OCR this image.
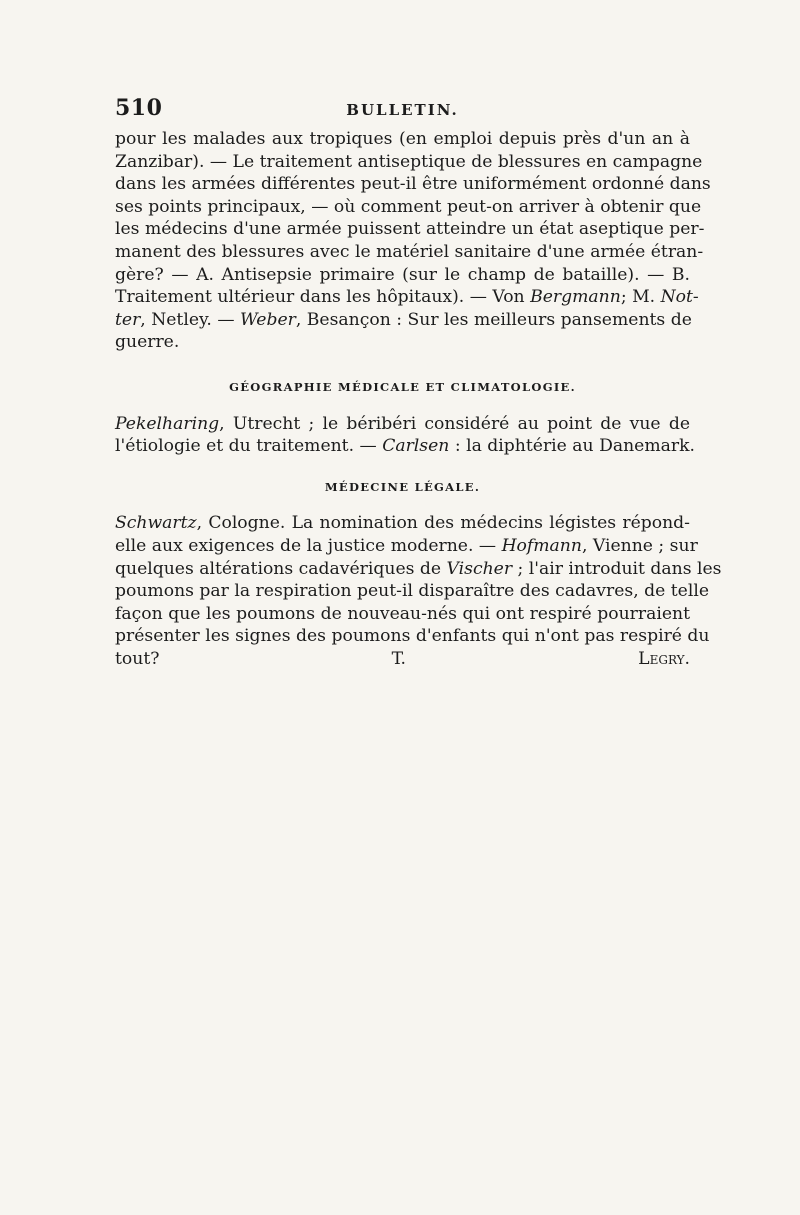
510	BULLETIN.
pour les malades aux tropiques (en emploi depuis près d'un an à
Zanzibar). — Le traitement antiseptique de blessures en campagne
dans les armées différentes peut-il être uniformément ordonné dans
ses points principaux, — où comment peut-on arriver à obtenir que
les médecins d'une armée puissent atteindre un état aseptique per-
manent des blessures avec le matériel sanitaire d'une armée étran-
gère? — A. Antisepsie primaire (sur le champ de bataille). — B.
Traitement ultérieur dans les hôpitaux). — Von Bergmann; M. Not-
ter, Netley. — Weber, Besançon : Sur les meilleurs pansements de
guerre.
GÉOGRAPHIE MÉDICALE ET CLIMATOLOGIE.
Pekelharing, Utrecht ; le béribéri considéré au point de vue de
l'étiologie et du traitement. — Carlsen : la diphtérie au Danemark.
MÉDECINE LÉGALE.
Schwartz, Cologne. La nomination des médecins légistes répond-
elle aux exigences de la justice moderne. — Hofmann, Vienne ; sur
quelques altérations cadavériques de Vischer ; l'air introduit dans les
poumons par la respiration peut-il disparaître des cadavres, de telle
façon que les poumons de nouveau-nés qui ont respiré pourraient
présenter les signes des poumons d'enfants qui n'ont pas respiré du
tout?	T. Legry.
